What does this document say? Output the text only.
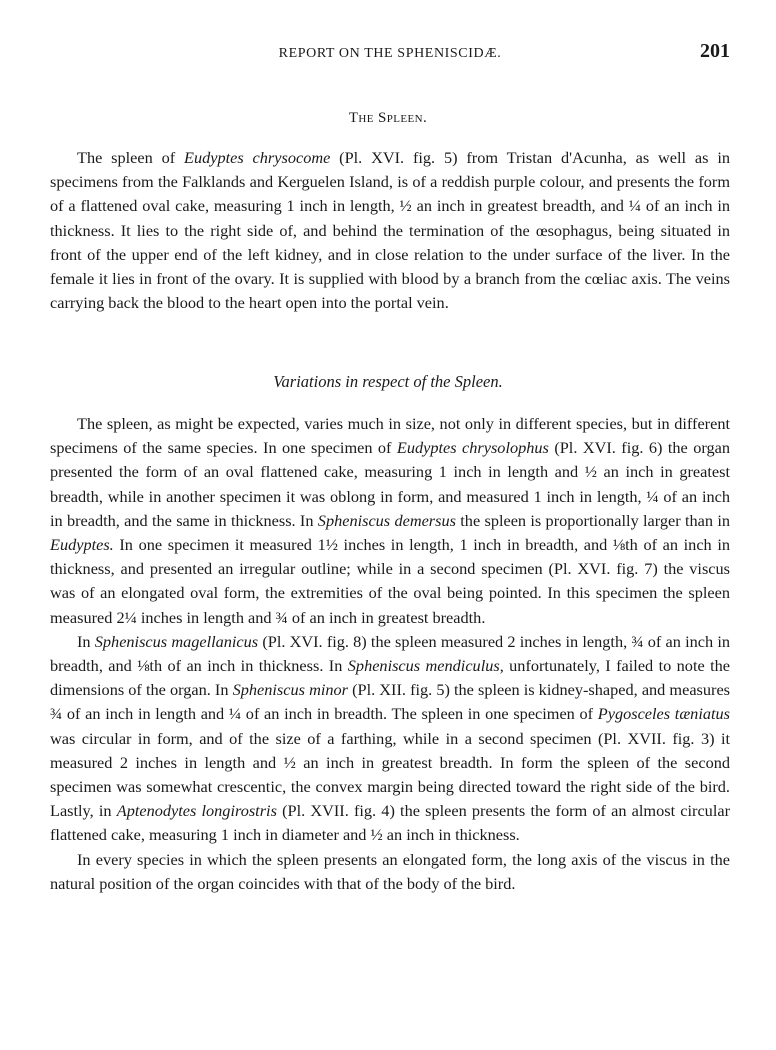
REPORT ON THE SPHENISCIDÆ.	201
The Spleen.

The spleen of Eudyptes chrysocome (Pl. XVI. fig. 5) from Tristan d'Acunha, as well as in specimens from the Falklands and Kerguelen Island, is of a reddish purple colour, and presents the form of a flattened oval cake, measuring 1 inch in length, ½ an inch in greatest breadth, and ¼ of an inch in thickness. It lies to the right side of, and behind the termination of the œsophagus, being situated in front of the upper end of the left kidney, and in close relation to the under surface of the liver. In the female it lies in front of the ovary. It is supplied with blood by a branch from the cœliac axis. The veins carrying back the blood to the heart open into the portal vein.

Variations in respect of the Spleen.

The spleen, as might be expected, varies much in size, not only in different species, but in different specimens of the same species. In one specimen of Eudyptes chrysolophus (Pl. XVI. fig. 6) the organ presented the form of an oval flattened cake, measuring 1 inch in length and ½ an inch in greatest breadth, while in another specimen it was oblong in form, and measured 1 inch in length, ¼ of an inch in breadth, and the same in thickness. In Spheniscus demersus the spleen is proportionally larger than in Eudyptes. In one specimen it measured 1½ inches in length, 1 inch in breadth, and ⅛th of an inch in thickness, and presented an irregular outline; while in a second specimen (Pl. XVI. fig. 7) the viscus was of an elongated oval form, the extremities of the oval being pointed. In this specimen the spleen measured 2¼ inches in length and ¾ of an inch in greatest breadth.

In Spheniscus magellanicus (Pl. XVI. fig. 8) the spleen measured 2 inches in length, ¾ of an inch in breadth, and ⅛th of an inch in thickness. In Spheniscus mendiculus, unfortunately, I failed to note the dimensions of the organ. In Spheniscus minor (Pl. XII. fig. 5) the spleen is kidney-shaped, and measures ¾ of an inch in length and ¼ of an inch in breadth. The spleen in one specimen of Pygosceles tæniatus was circular in form, and of the size of a farthing, while in a second specimen (Pl. XVII. fig. 3) it measured 2 inches in length and ½ an inch in greatest breadth. In form the spleen of the second specimen was somewhat crescentic, the convex margin being directed toward the right side of the bird. Lastly, in Aptenodytes longirostris (Pl. XVII. fig. 4) the spleen presents the form of an almost circular flattened cake, measuring 1 inch in diameter and ½ an inch in thickness.

In every species in which the spleen presents an elongated form, the long axis of the viscus in the natural position of the organ coincides with that of the body of the bird.
